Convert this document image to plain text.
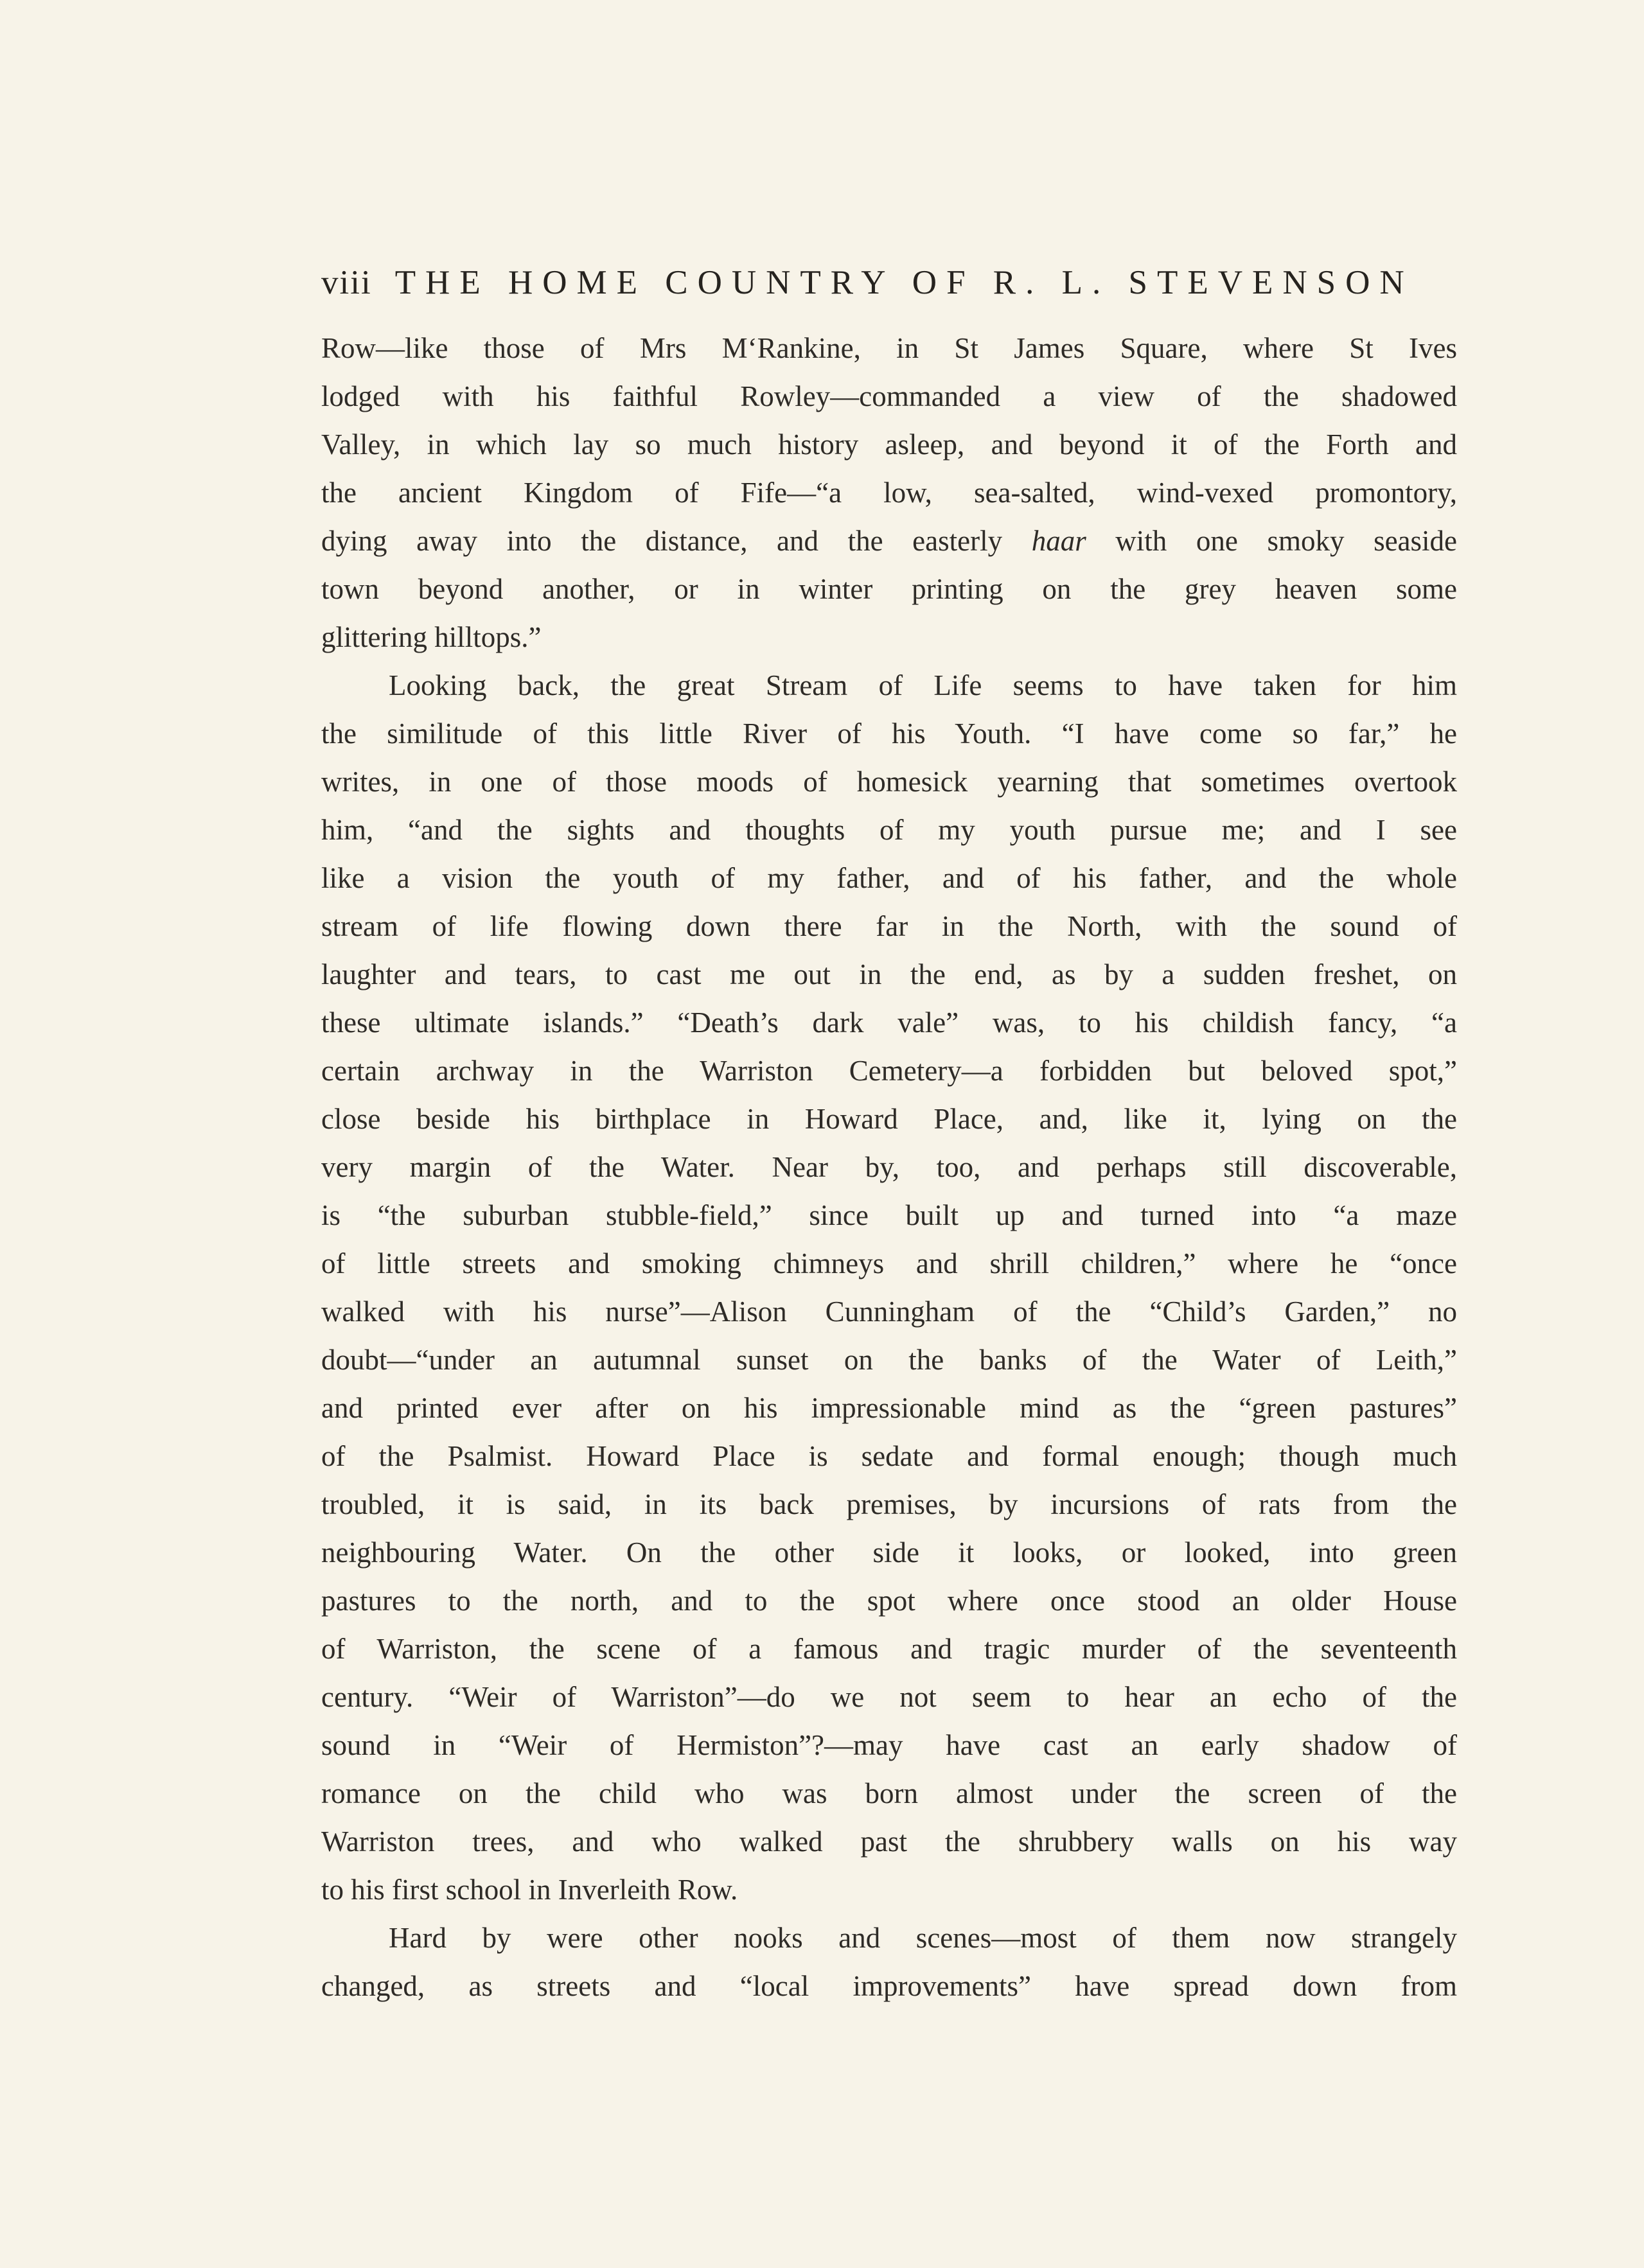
viii THE HOME COUNTRY OF R. L. STEVENSON
Row—like those of Mrs M‘Rankine, in St James Square, where St Ives
lodged with his faithful Rowley—commanded a view of the shadowed
Valley, in which lay so much history asleep, and beyond it of the Forth and
the ancient Kingdom of Fife—“a low, sea-salted, wind-vexed promontory,
dying away into the distance, and the easterly haar with one smoky seaside
town beyond another, or in winter printing on the grey heaven some
glittering hilltops.”
Looking back, the great Stream of Life seems to have taken for him
the similitude of this little River of his Youth. “I have come so far,” he
writes, in one of those moods of homesick yearning that sometimes overtook
him, “and the sights and thoughts of my youth pursue me; and I see
like a vision the youth of my father, and of his father, and the whole
stream of life flowing down there far in the North, with the sound of
laughter and tears, to cast me out in the end, as by a sudden freshet, on
these ultimate islands.” “Death’s dark vale” was, to his childish fancy, “a
certain archway in the Warriston Cemetery—a forbidden but beloved spot,”
close beside his birthplace in Howard Place, and, like it, lying on the
very margin of the Water. Near by, too, and perhaps still discoverable,
is “the suburban stubble-field,” since built up and turned into “a maze
of little streets and smoking chimneys and shrill children,” where he “once
walked with his nurse”—Alison Cunningham of the “Child’s Garden,” no
doubt—“under an autumnal sunset on the banks of the Water of Leith,”
and printed ever after on his impressionable mind as the “green pastures”
of the Psalmist. Howard Place is sedate and formal enough; though much
troubled, it is said, in its back premises, by incursions of rats from the
neighbouring Water. On the other side it looks, or looked, into green
pastures to the north, and to the spot where once stood an older House
of Warriston, the scene of a famous and tragic murder of the seventeenth
century. “Weir of Warriston”—do we not seem to hear an echo of the
sound in “Weir of Hermiston”?—may have cast an early shadow of
romance on the child who was born almost under the screen of the
Warriston trees, and who walked past the shrubbery walls on his way
to his first school in Inverleith Row.
Hard by were other nooks and scenes—most of them now strangely
changed, as streets and “local improvements” have spread down from
